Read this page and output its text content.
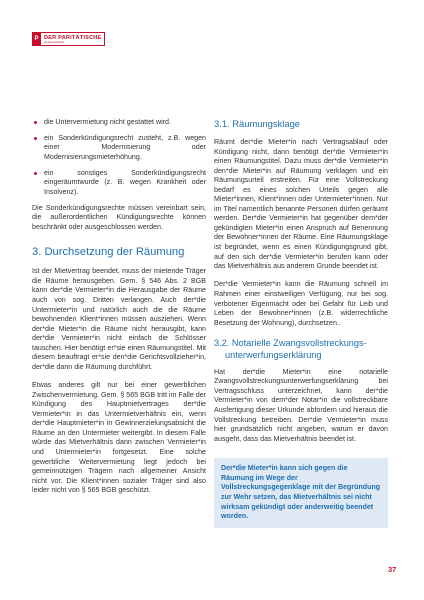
P DER PARITÄTISCHE
Gesamtverband
die Untervermietung nicht gestattet wird.
ein Sonderkündigungsrecht zusteht, z.B. wegen einer Modernisierung oder Modernisierungsmieterhöhung.
ein sonstiges Sonderkündigungsrecht eingeräumtwurde (z. B. wegen Krankheit oder Insolvenz).

Die Sonderkündigungsrechte müssen vereinbart sein, die außerordentlichen Kündigungsrechte können beschränkt oder ausgeschlossen werden.

3. Durchsetzung der Räumung

Ist der Mietvertrag beendet, muss der mietende Träger die Räume herausgeben. Gem. § 546 Abs. 2 BGB kann der*die Vermieter*in die Herausgabe der Räume auch von sog. Dritten verlangen. Auch der*die Untermieter*in und natürlich auch die die Räume bewohnenden Klient*innen müssen ausziehen. Wenn der*die Mieter*in die Räume nicht herausgibt, kann der*die Vermieter*in nicht einfach die Schlösser tauschen. Hier benötigt er*sie einen Räumungstitel. Mit diesem beauftragt er*sie den*die Gerichtsvollzieher*in, der*die dann die Räumung durchführt.

Etwas anderes gilt nur bei einer gewerblichen Zwischenvermietung. Gem. § 565 BGB tritt im Falle der Kündigung des Hauptmietvertrages der*die Vermieter*in in das Untermietverhältnis ein, wenn der*die Hauptmieter*in in Gewinnerzielungsabsicht die Räume an den Untermieter weitergibt. In diesem Falle würde das Mietverhältnis dann zwischen Vermieter*in und Untermieter*in fortgesetzt. Eine solche gewerbliche Weitervermietung liegt jedoch bei gemeinnützigen Trägern nach allgemeiner Ansicht nicht vor. Die Klient*innen sozialer Träger sind also leider nicht von § 565 BGB geschützt.

3.1. Räumungsklage

Räumt der*die Mieter*in nach Vertragsablauf oder Kündigung nicht, dann benötigt der*die Vermieter*in einen Räumungstitel. Dazu muss der*die Vermieter*in den*die Mieter*in auf Räumung verklagen und ein Räumungsurteil erstreiten. Für eine Vollstreckung bedarf es eines solchen Urteils gegen alle Mieter*innen, Klient*innen oder Untermieter*innen. Nur im Titel namentlich benannte Personen dürfen geräumt werden. Der*die Vermieter*in hat gegenüber dem*der gekündigten Mieter*in einen Anspruch auf Benennung der Bewohner*innen der Räume. Eine Räumungsklage ist begründet, wenn es einen Kündigungsgrund gibt, auf den sich der*die Vermieter*in berufen kann oder das Mietverhältnis aus anderem Grunde beendet ist.

Der*die Vermieter*in kann die Räumung schnell im Rahmen einer einstweiligen Verfügung, nur bei sog. verbotener Eigenmacht oder bei Gefahr für Leib und Leben der Bewohner*innen (z.B. widerrechtliche Besetzung der Wohnung), durchsetzen..

3.2. Notarielle Zwangsvollstreckungs-
unterwerfungserklärung

Hat der*die Mieter*in eine notarielle Zwangsvollstreckungsunterwerfungserklärung bei Vertragsschluss unterzeichnet, kann der*die Vermieter*in von dem*der Notar*in die vollstreckbare Ausfertigung dieser Urkunde abfordern und hieraus die Vollstreckung betreiben. Der*die Vermieter*in muss hier grundsätzlich nicht angeben, warum er davon ausgeht, dass das Mietverhältnis beendet ist.

Der*die Mieter*in kann sich gegen die Räumung im Wege der Vollstreckungsgegenklage mit der Begründung zur Wehr setzen, das Mietverhältnis sei nicht wirksam gekündigt oder anderweitig beendet worden.
37
